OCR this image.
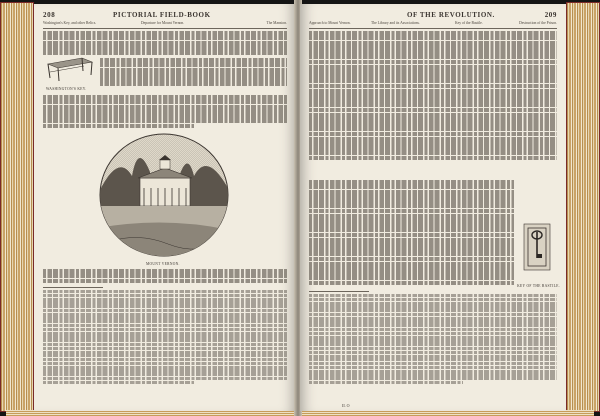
208	PICTORIAL FIELD-BOOK
Washington's Key, and other Relics.	Departure for Mount Vernon.	The Mansion.
WASHINGTON'S KEY.
MOUNT VERNON.
OF THE REVOLUTION.	209
Approach to Mount Vernon.	The Library and its Associations.	Key of the Bastile.	Destruction of the Prison.
KEY OF THE BASTILE.
II. O
